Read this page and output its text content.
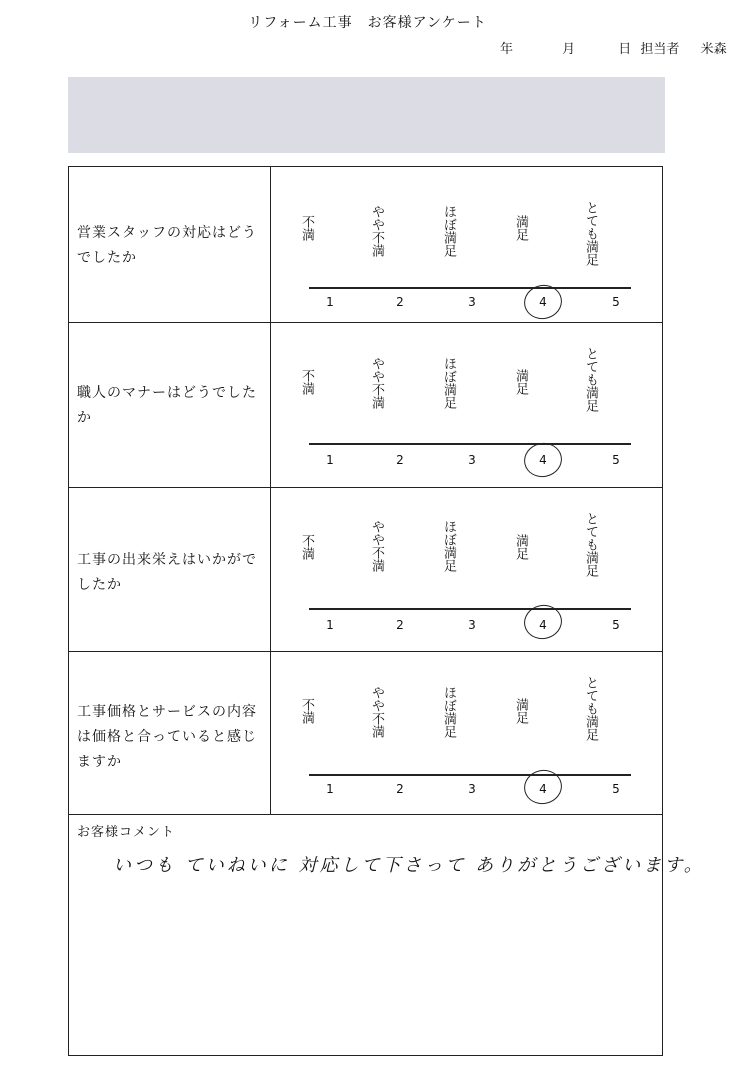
リフォーム工事　お客様アンケート
年	月	日 担当者 米森
営業スタッフの対応はどうでしたか
不満	やや不満	ほぼ満足	満足	とても満足
1	2	3	4	5
職人のマナーはどうでしたか
不満	やや不満	ほぼ満足	満足	とても満足
1	2	3	4	5
工事の出来栄えはいかがでしたか
不満	やや不満	ほぼ満足	満足	とても満足
1	2	3	4	5
工事価格とサービスの内容は価格と合っていると感じますか
不満	やや不満	ほぼ満足	満足	とても満足
1	2	3	4	5
お客様コメント
いつも ていねいに 対応して下さって ありがとうございます。
